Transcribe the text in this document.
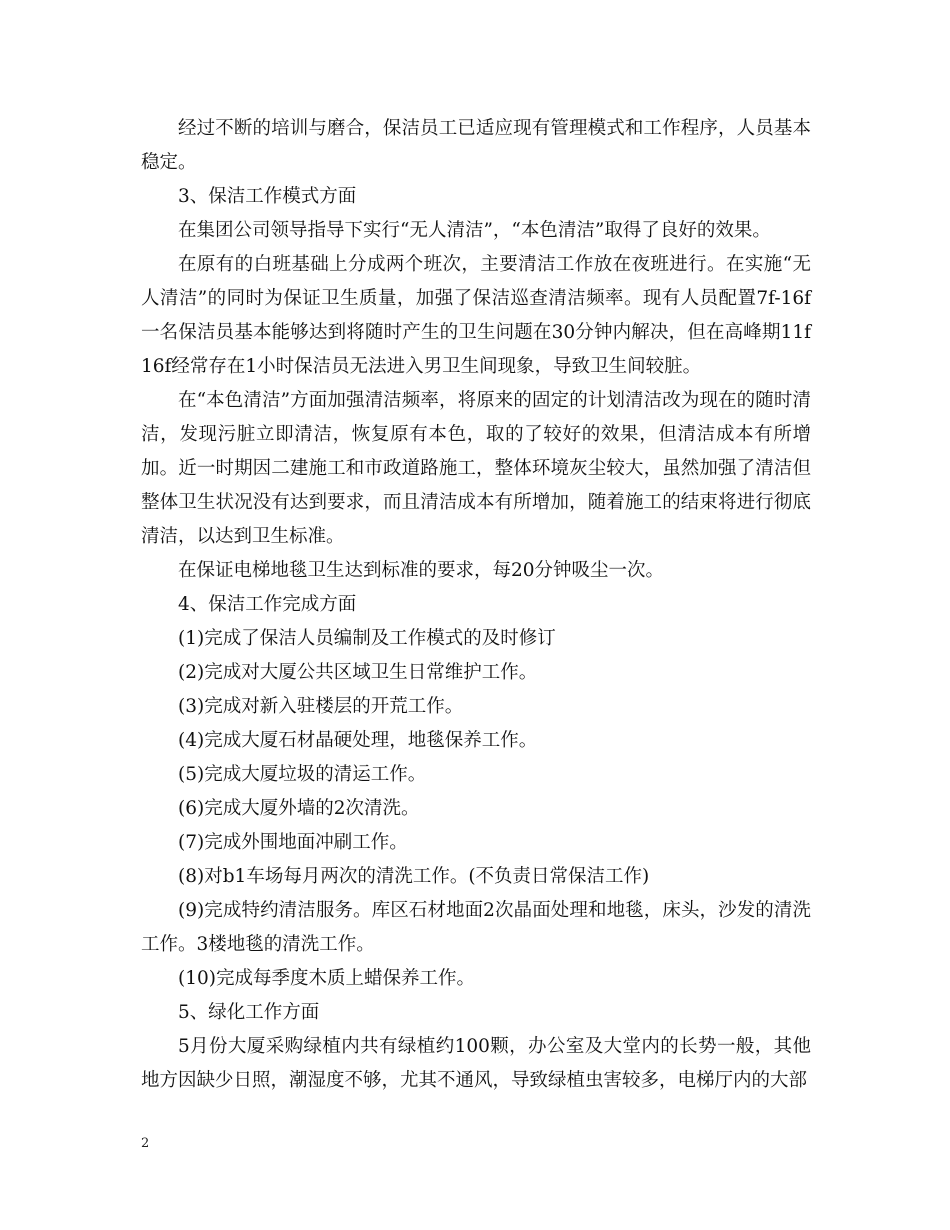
经过不断的培训与磨合，保洁员工已适应现有管理模式和工作程序，人员基本稳定。

3、保洁工作模式方面

在集团公司领导指导下实行“无人清洁”，“本色清洁”取得了良好的效果。

在原有的白班基础上分成两个班次，主要清洁工作放在夜班进行。在实施“无人清洁”的同时为保证卫生质量，加强了保洁巡查清洁频率。现有人员配置7f-16f一名保洁员基本能够达到将随时产生的卫生问题在30分钟内解决，但在高峰期11f16f经常存在1小时保洁员无法进入男卫生间现象，导致卫生间较脏。

在“本色清洁”方面加强清洁频率，将原来的固定的计划清洁改为现在的随时清洁，发现污脏立即清洁，恢复原有本色，取的了较好的效果，但清洁成本有所增加。近一时期因二建施工和市政道路施工，整体环境灰尘较大，虽然加强了清洁但整体卫生状况没有达到要求，而且清洁成本有所增加，随着施工的结束将进行彻底清洁，以达到卫生标准。

在保证电梯地毯卫生达到标准的要求，每20分钟吸尘一次。

4、保洁工作完成方面

(1)完成了保洁人员编制及工作模式的及时修订

(2)完成对大厦公共区域卫生日常维护工作。

(3)完成对新入驻楼层的开荒工作。

(4)完成大厦石材晶硬处理，地毯保养工作。

(5)完成大厦垃圾的清运工作。

(6)完成大厦外墙的2次清洗。

(7)完成外围地面冲刷工作。

(8)对b1车场每月两次的清洗工作。(不负责日常保洁工作)

(9)完成特约清洁服务。库区石材地面2次晶面处理和地毯，床头，沙发的清洗工作。3楼地毯的清洗工作。

(10)完成每季度木质上蜡保养工作。

5、绿化工作方面

5月份大厦采购绿植内共有绿植约100颗，办公室及大堂内的长势一般，其他地方因缺少日照，潮湿度不够，尤其不通风，导致绿植虫害较多，电梯厅内的大部

2
